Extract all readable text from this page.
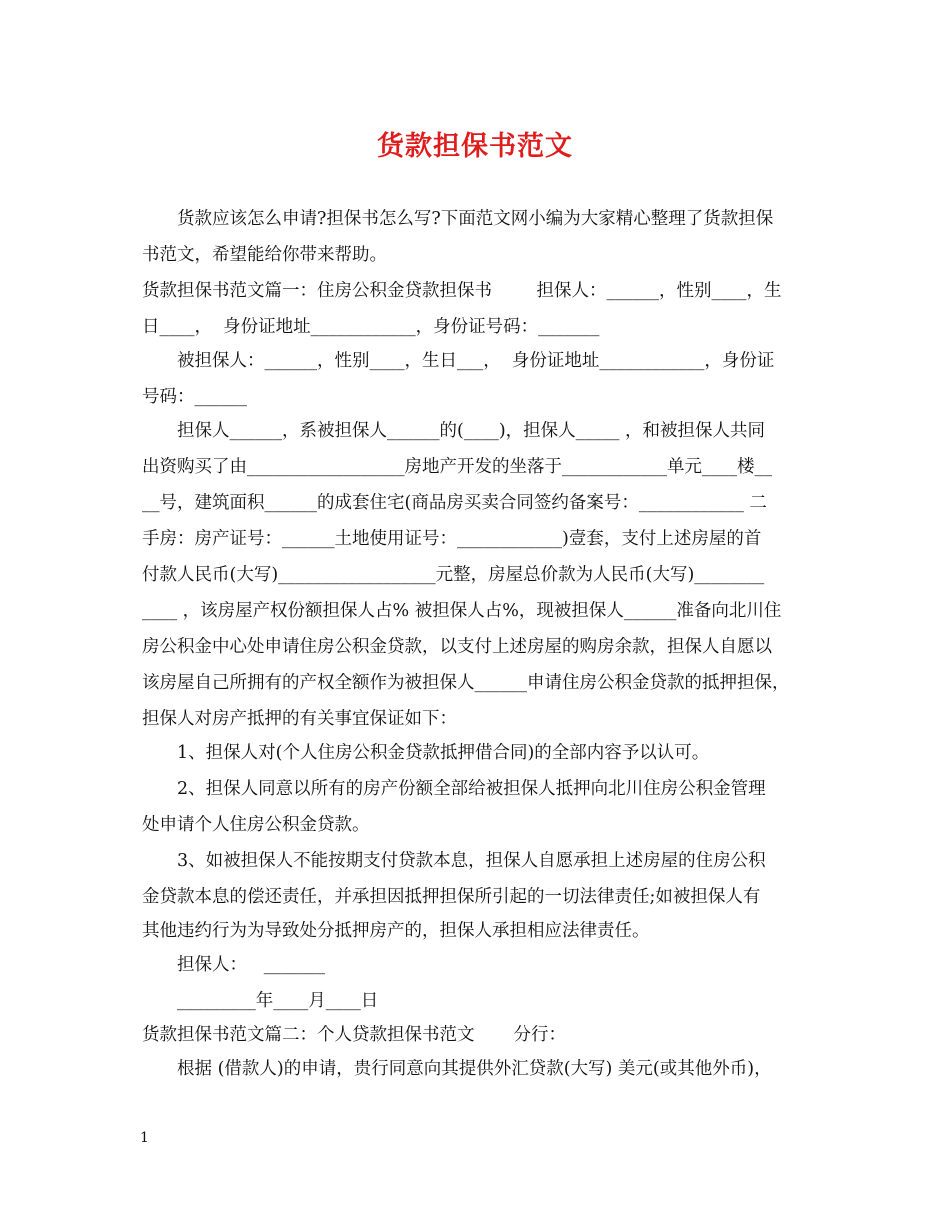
货款担保书范文
货款应该怎么申请?担保书怎么写?下面范文网小编为大家精心整理了货款担保
书范文，希望能给你带来帮助。
货款担保书范文篇一：住房公积金贷款担保书        担保人：______，性别____，生
日____，  身份证地址____________，身份证号码：_______
被担保人：______，性别____，生日___，  身份证地址____________，身份证
号码：______
担保人______，系被担保人______的(____)，担保人_____ ，和被担保人共同
出资购买了由__________________房地产开发的坐落于____________单元____楼__
__号，建筑面积______的成套住宅(商品房买卖合同签约备案号：____________ 二
手房：房产证号：______土地使用证号：____________)壹套，支付上述房屋的首
付款人民币(大写)__________________元整，房屋总价款为人民币(大写)________
____ ，该房屋产权份额担保人占% 被担保人占%，现被担保人______准备向北川住
房公积金中心处申请住房公积金贷款，以支付上述房屋的购房余款，担保人自愿以
该房屋自己所拥有的产权全额作为被担保人______申请住房公积金贷款的抵押担保，
担保人对房产抵押的有关事宜保证如下：
1、担保人对(个人住房公积金贷款抵押借合同)的全部内容予以认可。
2、担保人同意以所有的房产份额全部给被担保人抵押向北川住房公积金管理
处申请个人住房公积金贷款。
3、如被担保人不能按期支付贷款本息，担保人自愿承担上述房屋的住房公积
金贷款本息的偿还责任，并承担因抵押担保所引起的一切法律责任;如被担保人有
其他违约行为为导致处分抵押房产的，担保人承担相应法律责任。
担保人：   _______
_________年____月____日
货款担保书范文篇二：个人贷款担保书范文       分行：
根据 (借款人)的申请，贵行同意向其提供外汇贷款(大写) 美元(或其他外币)，
1
